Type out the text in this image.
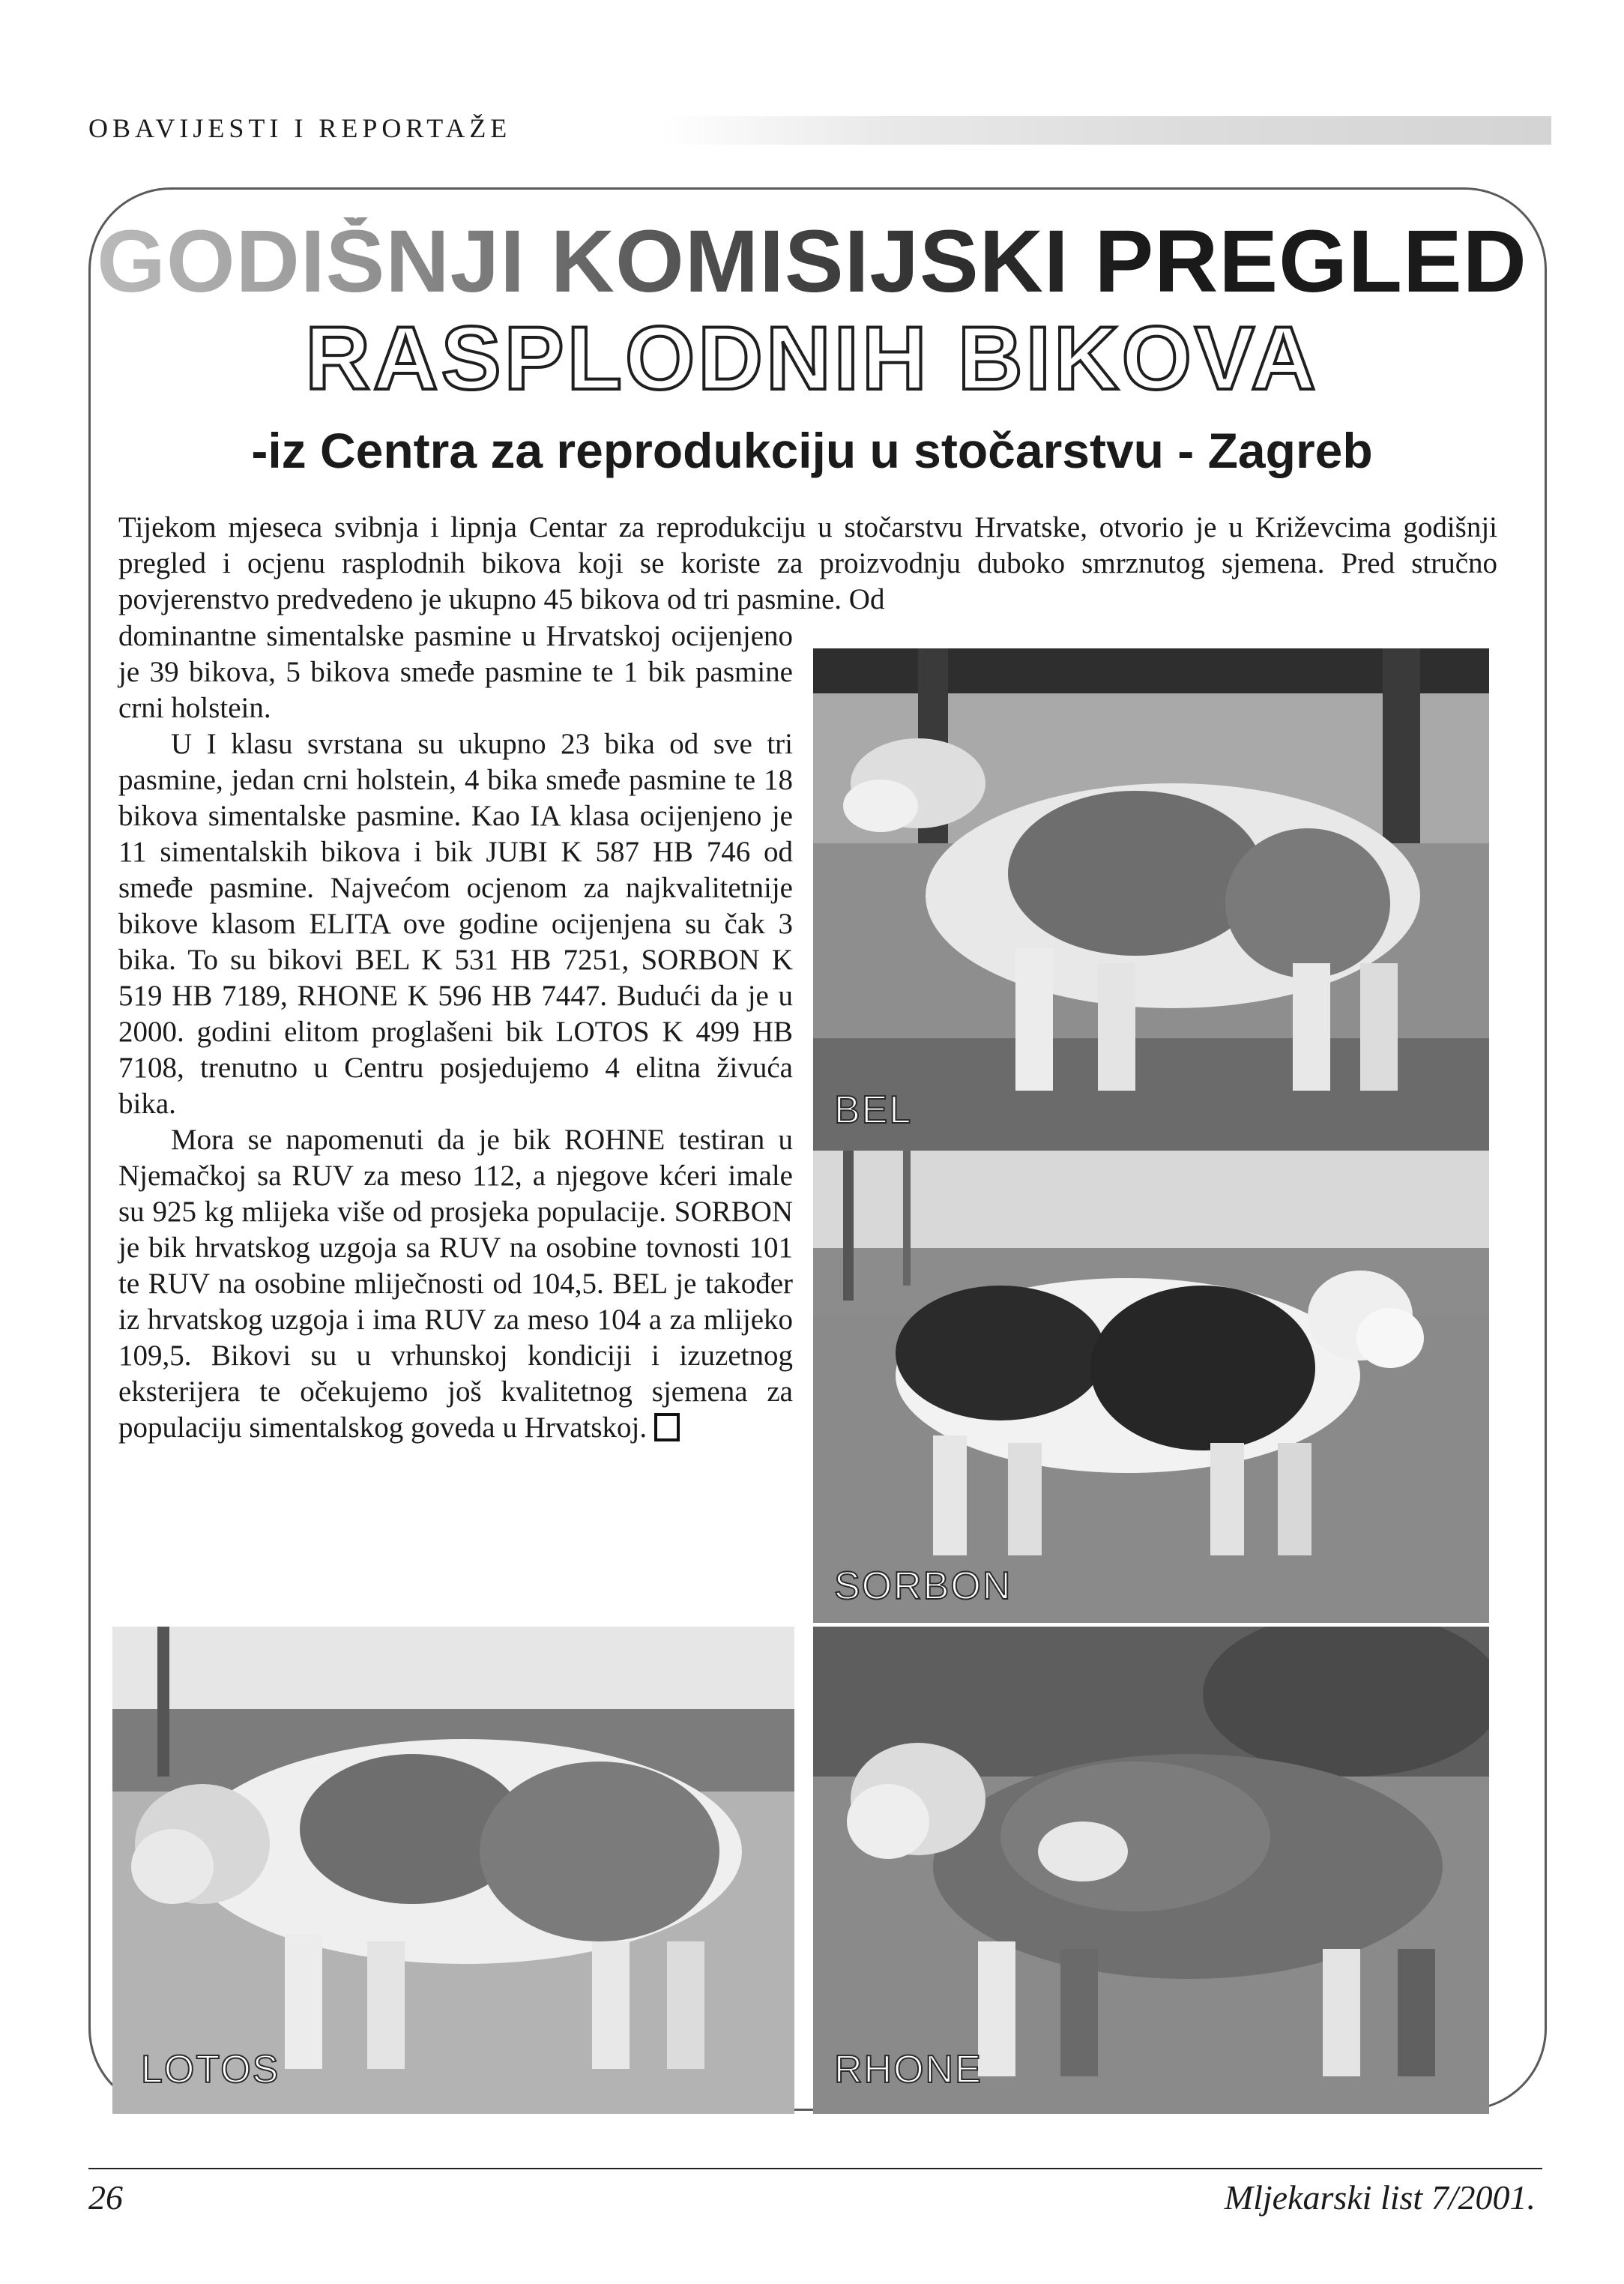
OBAVIJESTI I REPORTAŽE
GODIŠNJI KOMISIJSKI PREGLED
RASPLODNIH BIKOVA
-iz Centra za reprodukciju u stočarstvu - Zagreb

Tijekom mjeseca svibnja i lipnja Centar za reprodukciju u stočarstvu Hrvatske, otvorio je u Križevcima godišnji pregled i ocjenu rasplodnih bikova koji se koriste za proizvodnju duboko smrznutog sjemena. Pred stručno povjerenstvo predvedeno je ukupno 45 bikova od tri pasmine. Od

dominantne simentalske pasmine u Hrvatskoj ocijenjeno je 39 bikova, 5 bikova smeđe pasmine te 1 bik pasmine crni holstein.

U I klasu svrstana su ukupno 23 bika od sve tri pasmine, jedan crni holstein, 4 bika smeđe pasmine te 18 bikova simentalske pasmine. Kao IA klasa ocijenjeno je 11 simentalskih bikova i bik JUBI K 587 HB 746 od smeđe pasmine. Najvećom ocjenom za najkvalitetnije bikove klasom ELITA ove godine ocijenjena su čak 3 bika. To su bikovi BEL K 531 HB 7251, SORBON K 519 HB 7189, RHONE K 596 HB 7447. Budući da je u 2000. godini elitom proglašeni bik LOTOS K 499 HB 7108, trenutno u Centru posjedujemo 4 elitna živuća bika.

Mora se napomenuti da je bik ROHNE testiran u Njemačkoj sa RUV za meso 112, a njegove kćeri imale su 925 kg mlijeka više od prosjeka populacije. SORBON je bik hrvatskog uzgoja sa RUV na osobine tovnosti 101 te RUV na osobine mliječnosti od 104,5. BEL je također iz hrvatskog uzgoja i ima RUV za meso 104 a za mlijeko 109,5. Bikovi su u vrhunskoj kondiciji i izuzetnog eksterijera te očekujemo još kvalitetnog sjemena za populaciju simentalskog goveda u Hrvatskoj.

BEL
SORBON
LOTOS	RHONE
26	Mljekarski list 7/2001.
